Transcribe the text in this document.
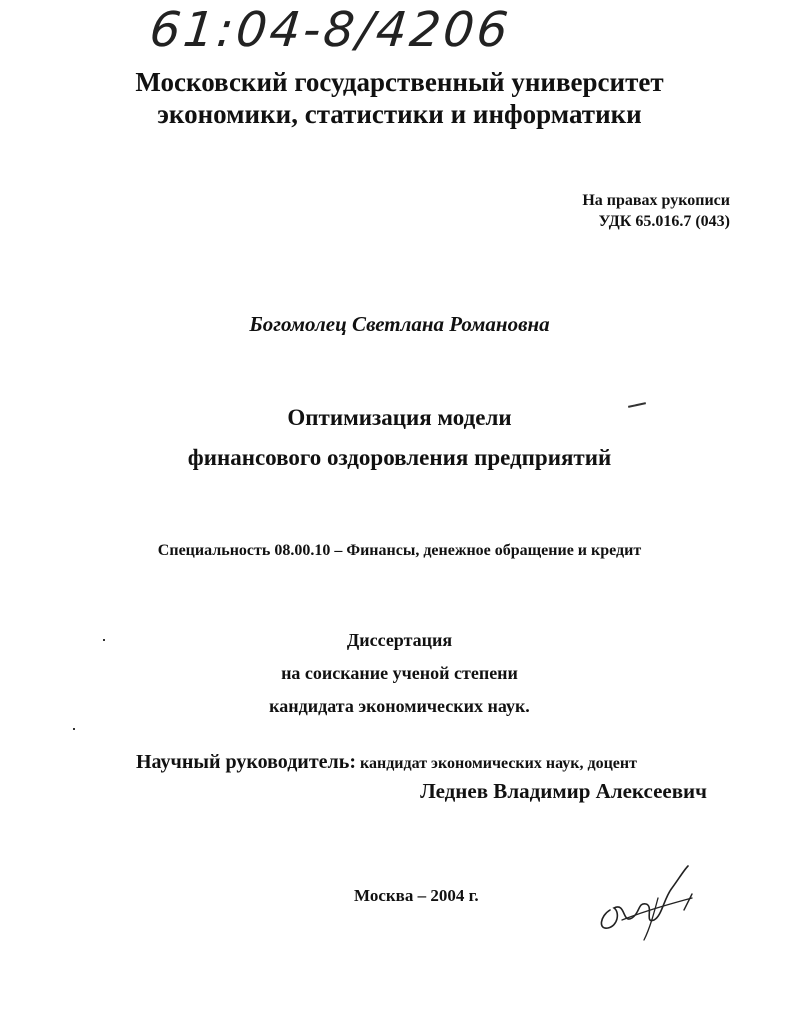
61:04-8/4206
Московский государственный университет
экономики, статистики и информатики
На правах рукописи
УДК 65.016.7 (043)
Богомолец Светлана Романовна
Оптимизация модели
финансового оздоровления предприятий
Специальность 08.00.10 – Финансы, денежное обращение и кредит
Диссертация
на соискание ученой степени
кандидата экономических наук.
Научный руководитель: кандидат экономических наук, доцент
Леднев Владимир Алексеевич
Москва – 2004 г.
